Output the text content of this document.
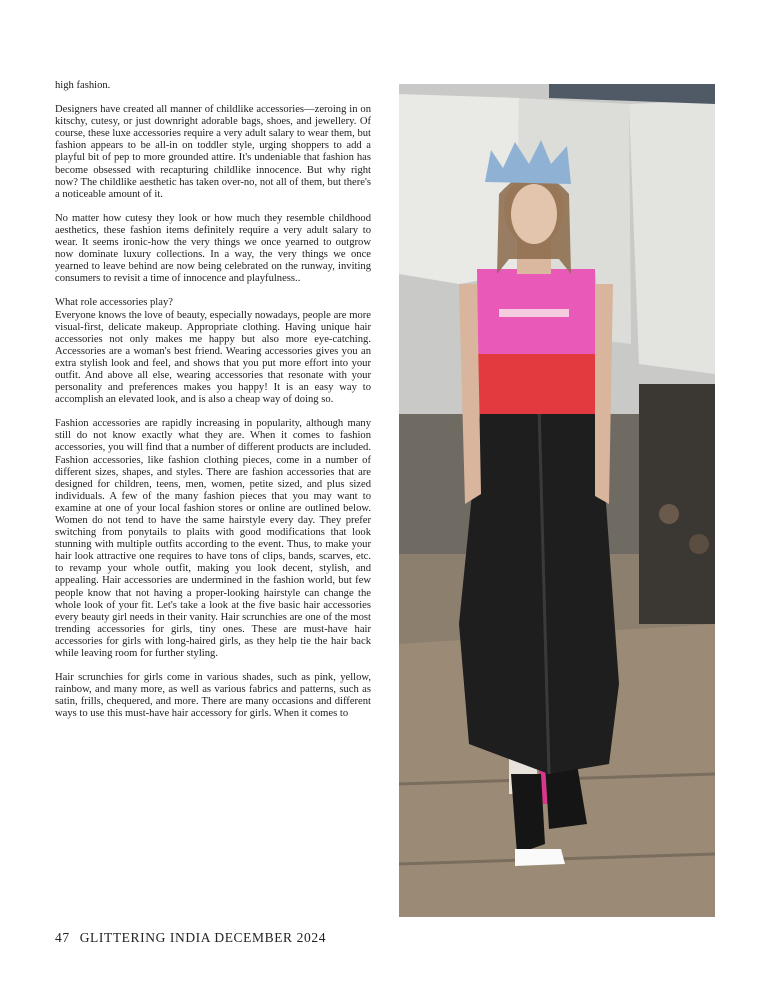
high fashion.

Designers have created all manner of childlike accessories—zeroing in on kitschy, cutesy, or just downright adorable bags, shoes, and jewellery. Of course, these luxe accessories require a very adult salary to wear them, but fashion appears to be all-in on toddler style, urging shoppers to add a playful bit of pep to more grounded attire. It's undeniable that fashion has become obsessed with recapturing childlike innocence. But why right now? The childlike aesthetic has taken over-no, not all of them, but there's a noticeable amount of it.

No matter how cutesy they look or how much they resemble childhood aesthetics, these fashion items definitely require a very adult salary to wear. It seems ironic-how the very things we once yearned to outgrow now dominate luxury collections. In a way, the very things we once yearned to leave behind are now being celebrated on the runway, inviting consumers to revisit a time of innocence and playfulness..

What role accessories play?

Everyone knows the love of beauty, especially nowadays, people are more visual-first, delicate makeup. Appropriate clothing. Having unique hair accessories not only makes me happy but also more eye-catching. Accessories are a woman's best friend. Wearing accessories gives you an extra stylish look and feel, and shows that you put more effort into your outfit. And above all else, wearing accessories that resonate with your personality and preferences makes you happy! It is an easy way to accomplish an elevated look, and is also a cheap way of doing so.

Fashion accessories are rapidly increasing in popularity, although many still do not know exactly what they are. When it comes to fashion accessories, you will find that a number of different products are included. Fashion accessories, like fashion clothing pieces, come in a number of different sizes, shapes, and styles. There are fashion accessories that are designed for children, teens, men, women, petite sized, and plus sized individuals. A few of the many fashion pieces that you may want to examine at one of your local fashion stores or online are outlined below. Women do not tend to have the same hairstyle every day. They prefer switching from ponytails to plaits with good modifications that look stunning with multiple outfits according to the event. Thus, to make your hair look attractive one requires to have tons of clips, bands, scarves, etc. to revamp your whole outfit, making you look decent, stylish, and appealing. Hair accessories are undermined in the fashion world, but few people know that not having a proper-looking hairstyle can change the whole look of your fit. Let's take a look at the five basic hair accessories every beauty girl needs in their vanity. Hair scrunchies are one of the most trending accessories for girls, tiny ones. These are must-have hair accessories for girls with long-haired girls, as they help tie the hair back while leaving room for further styling.

Hair scrunchies for girls come in various shades, such as pink, yellow, rainbow, and many more, as well as various fabrics and patterns, such as satin, frills, chequered, and more. There are many occasions and different ways to use this must-have hair accessory for girls. When it comes to

47 GLITTERING INDIA DECEMBER 2024
